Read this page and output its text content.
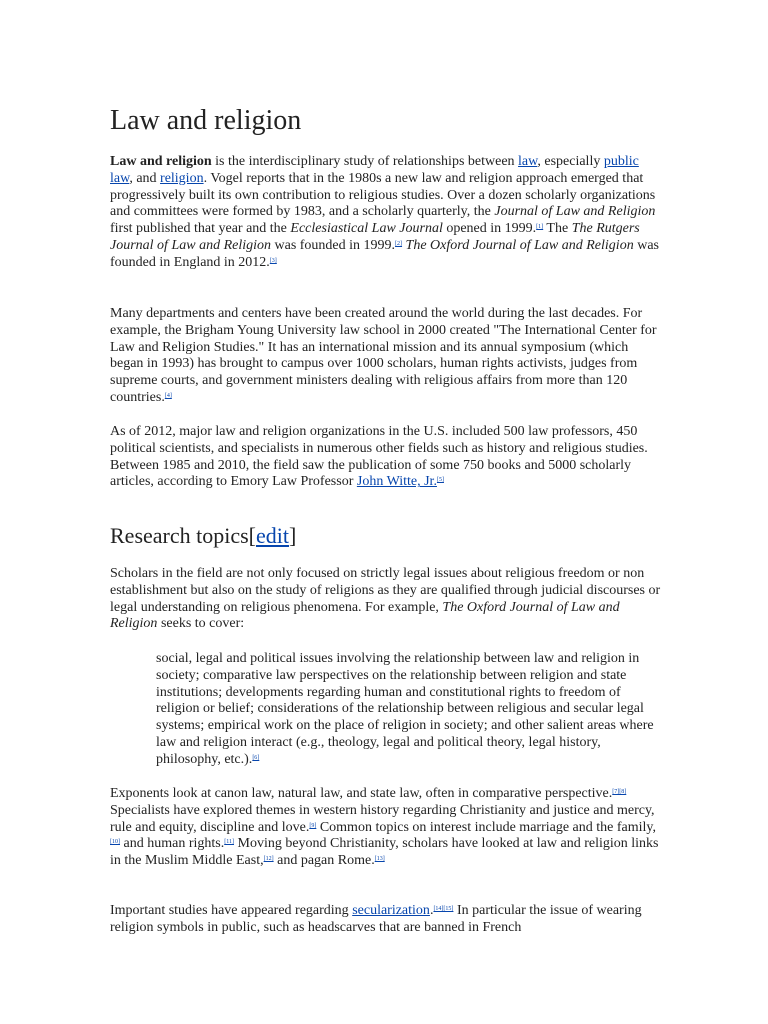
Law and religion

Law and religion is the interdisciplinary study of relationships between law, especially public law, and religion. Vogel reports that in the 1980s a new law and religion approach emerged that progressively built its own contribution to religious studies. Over a dozen scholarly organizations and committees were formed by 1983, and a scholarly quarterly, the Journal of Law and Religion first published that year and the Ecclesiastical Law Journal opened in 1999.[1] The The Rutgers Journal of Law and Religion was founded in 1999.[2] The Oxford Journal of Law and Religion was founded in England in 2012.[3]

Many departments and centers have been created around the world during the last decades. For example, the Brigham Young University law school in 2000 created "The International Center for Law and Religion Studies." It has an international mission and its annual symposium (which began in 1993) has brought to campus over 1000 scholars, human rights activists, judges from supreme courts, and government ministers dealing with religious affairs from more than 120 countries.[4]

As of 2012, major law and religion organizations in the U.S. included 500 law professors, 450 political scientists, and specialists in numerous other fields such as history and religious studies. Between 1985 and 2010, the field saw the publication of some 750 books and 5000 scholarly articles, according to Emory Law Professor John Witte, Jr.[5]

Research topics[edit]

Scholars in the field are not only focused on strictly legal issues about religious freedom or non establishment but also on the study of religions as they are qualified through judicial discourses or legal understanding on religious phenomena. For example, The Oxford Journal of Law and Religion seeks to cover:

social, legal and political issues involving the relationship between law and religion in society; comparative law perspectives on the relationship between religion and state institutions; developments regarding human and constitutional rights to freedom of religion or belief; considerations of the relationship between religious and secular legal systems; empirical work on the place of religion in society; and other salient areas where law and religion interact (e.g., theology, legal and political theory, legal history, philosophy, etc.).[6]

Exponents look at canon law, natural law, and state law, often in comparative perspective.[7][8] Specialists have explored themes in western history regarding Christianity and justice and mercy, rule and equity, discipline and love.[9] Common topics on interest include marriage and the family,[10] and human rights.[11] Moving beyond Christianity, scholars have looked at law and religion links in the Muslim Middle East,[12] and pagan Rome.[13]

Important studies have appeared regarding secularization.[14][15] In particular the issue of wearing religion symbols in public, such as headscarves that are banned in French
